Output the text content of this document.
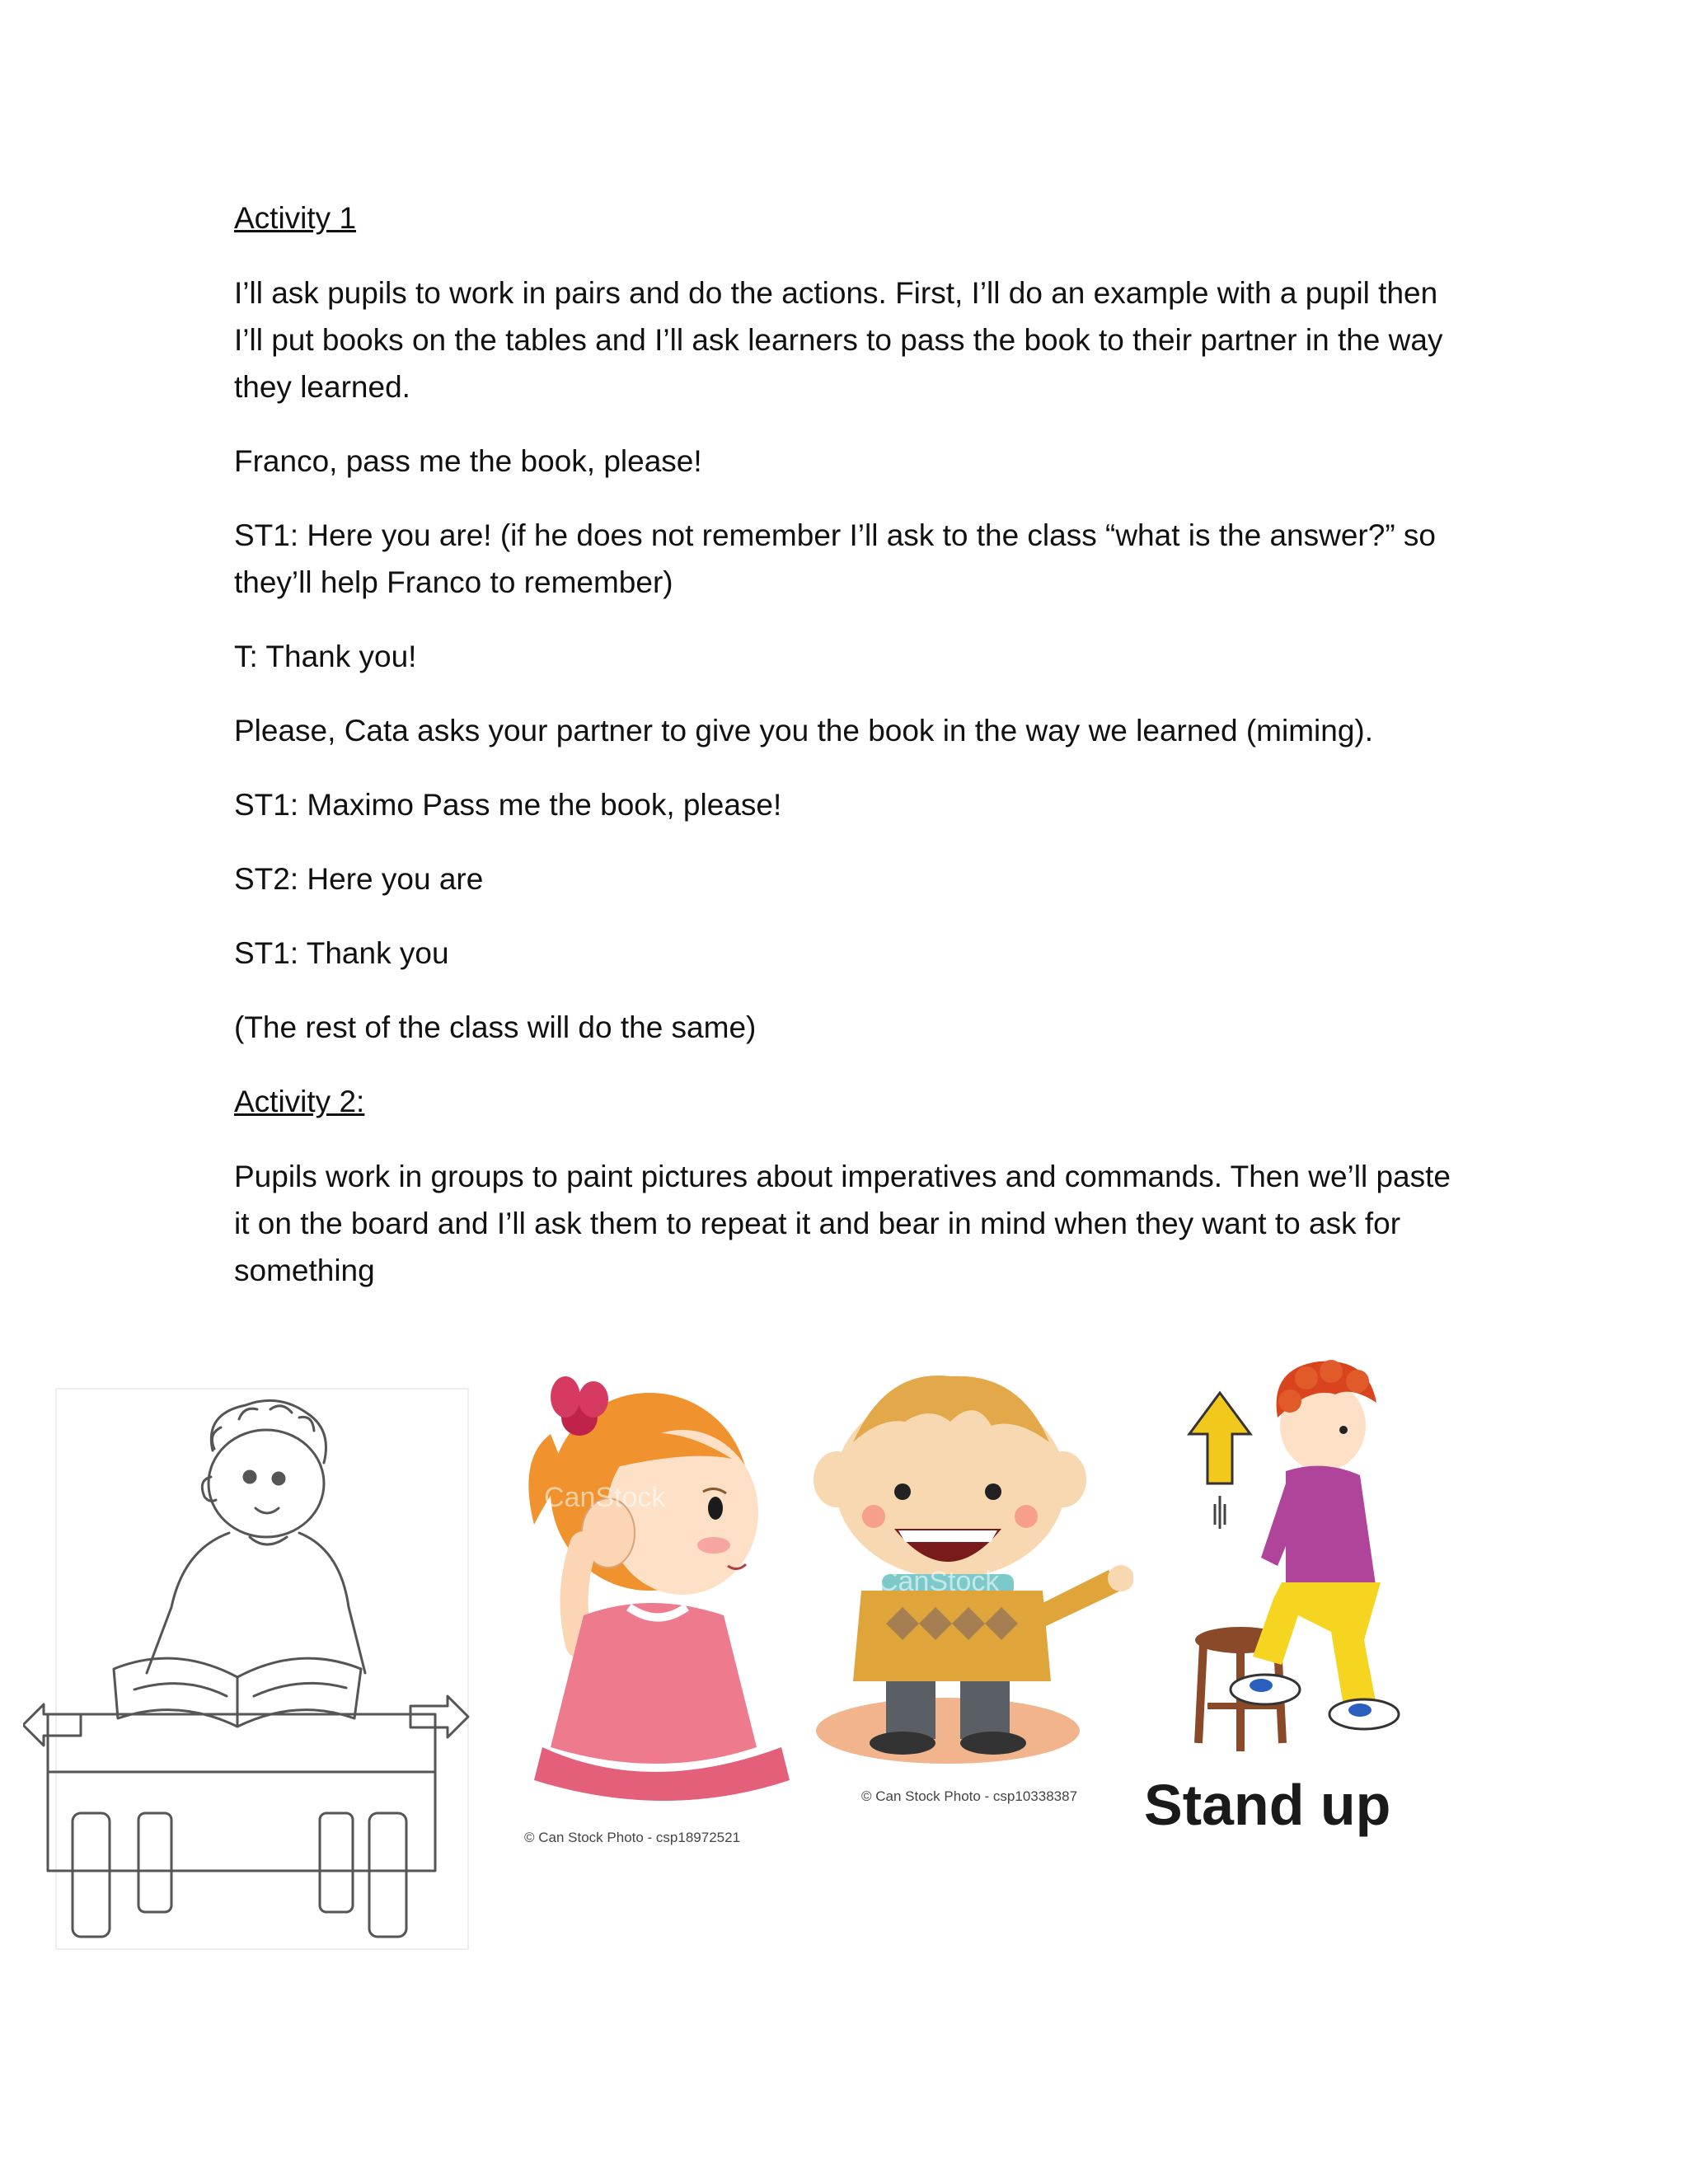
Activity 1

I’ll ask pupils to work in pairs and do the actions. First, I’ll do an example with a pupil then I’ll put books on the tables and I’ll ask learners to pass the book to their partner in the way they learned.

Franco, pass me the book, please!

ST1: Here you are! (if he does not remember I’ll ask to the class “what is the answer?” so they’ll help Franco to remember)

T: Thank you!

Please, Cata asks your partner to give you the book in the way we learned (miming).

ST1: Maximo Pass me the book, please!

ST2: Here you are

ST1: Thank you

(The rest of the class will do the same)

Activity 2:

Pupils work in groups to paint pictures about imperatives and commands. Then we’ll paste it on the board and I’ll ask them to repeat it and bear in mind when they want to ask for something

CanStock
© Can Stock Photo - csp18972521
CanStock
© Can Stock Photo - csp10338387 Stand up
